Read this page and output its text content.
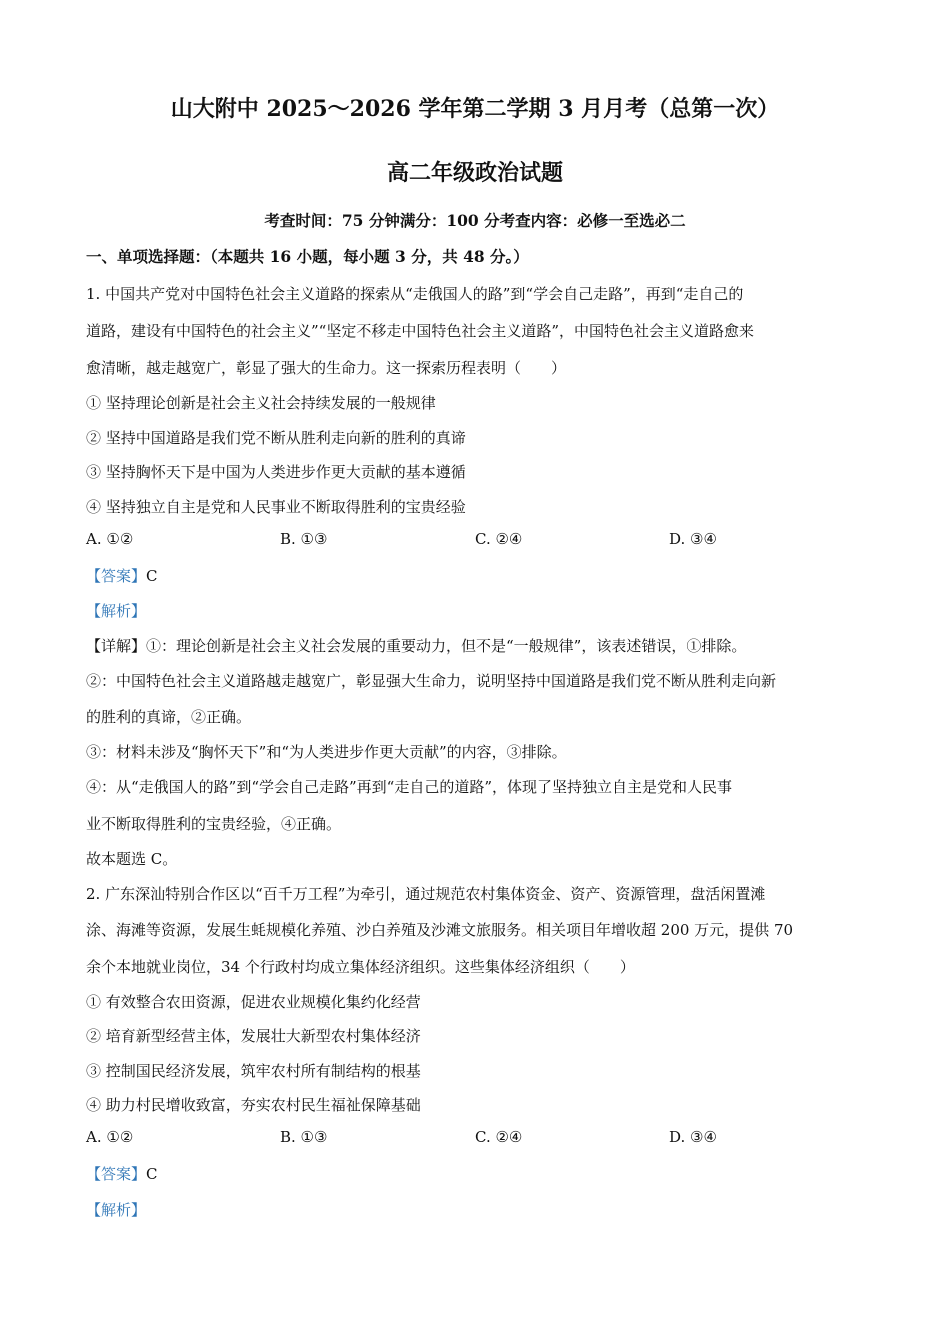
山大附中 2025～2026 学年第二学期 3 月月考（总第一次）
高二年级政治试题
考查时间：75 分钟满分：100 分考查内容：必修一至选必二
一、单项选择题：（本题共 16 小题，每小题 3 分，共 48 分。）
1. 中国共产党对中国特色社会主义道路的探索从“走俄国人的路”到“学会自己走路”，再到“走自己的
道路，建设有中国特色的社会主义”“坚定不移走中国特色社会主义道路”，中国特色社会主义道路愈来
愈清晰，越走越宽广，彰显了强大的生命力。这一探索历程表明（　　）
① 坚持理论创新是社会主义社会持续发展的一般规律
② 坚持中国道路是我们党不断从胜利走向新的胜利的真谛
③ 坚持胸怀天下是中国为人类进步作更大贡献的基本遵循
④ 坚持独立自主是党和人民事业不断取得胜利的宝贵经验
A. ①②	B. ①③	C. ②④	D. ③④
【答案】C
【解析】
【详解】①：理论创新是社会主义社会发展的重要动力，但不是“一般规律”，该表述错误，①排除。
②：中国特色社会主义道路越走越宽广，彰显强大生命力，说明坚持中国道路是我们党不断从胜利走向新
的胜利的真谛，②正确。
③：材料未涉及“胸怀天下”和“为人类进步作更大贡献”的内容，③排除。
④：从“走俄国人的路”到“学会自己走路”再到“走自己的道路”，体现了坚持独立自主是党和人民事
业不断取得胜利的宝贵经验，④正确。
故本题选 C。
2. 广东深汕特别合作区以“百千万工程”为牵引，通过规范农村集体资金、资产、资源管理，盘活闲置滩
涂、海滩等资源，发展生蚝规模化养殖、沙白养殖及沙滩文旅服务。相关项目年增收超 200 万元，提供 70
余个本地就业岗位，34 个行政村均成立集体经济组织。这些集体经济组织（　　）
① 有效整合农田资源，促进农业规模化集约化经营
② 培育新型经营主体，发展壮大新型农村集体经济
③ 控制国民经济发展，筑牢农村所有制结构的根基
④ 助力村民增收致富，夯实农村民生福祉保障基础
A. ①②	B. ①③	C. ②④	D. ③④
【答案】C
【解析】
